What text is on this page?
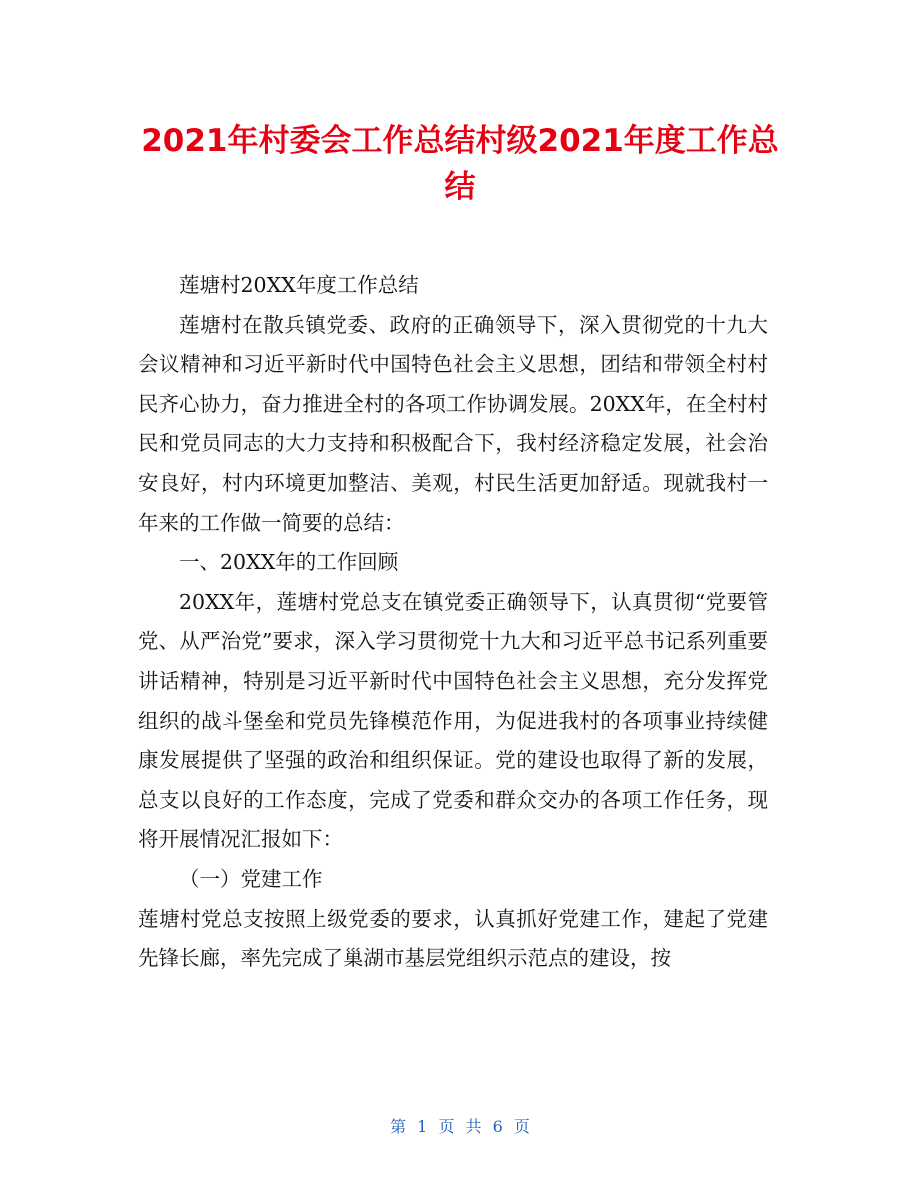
2021年村委会工作总结村级2021年度工作总结

莲塘村20XX年度工作总结

莲塘村在散兵镇党委、政府的正确领导下，深入贯彻党的十九大会议精神和习近平新时代中国特色社会主义思想，团结和带领全村村民齐心协力，奋力推进全村的各项工作协调发展。20XX年，在全村村民和党员同志的大力支持和积极配合下，我村经济稳定发展，社会治安良好，村内环境更加整洁、美观，村民生活更加舒适。现就我村一年来的工作做一简要的总结：

一、20XX年的工作回顾

20XX年，莲塘村党总支在镇党委正确领导下，认真贯彻“党要管党、从严治党”要求，深入学习贯彻党十九大和习近平总书记系列重要讲话精神，特别是习近平新时代中国特色社会主义思想，充分发挥党组织的战斗堡垒和党员先锋模范作用，为促进我村的各项事业持续健康发展提供了坚强的政治和组织保证。党的建设也取得了新的发展，总支以良好的工作态度，完成了党委和群众交办的各项工作任务，现将开展情况汇报如下：

（一）党建工作

莲塘村党总支按照上级党委的要求，认真抓好党建工作，建起了党建先锋长廊，率先完成了巢湖市基层党组织示范点的建设，按

第 1 页 共 6 页
